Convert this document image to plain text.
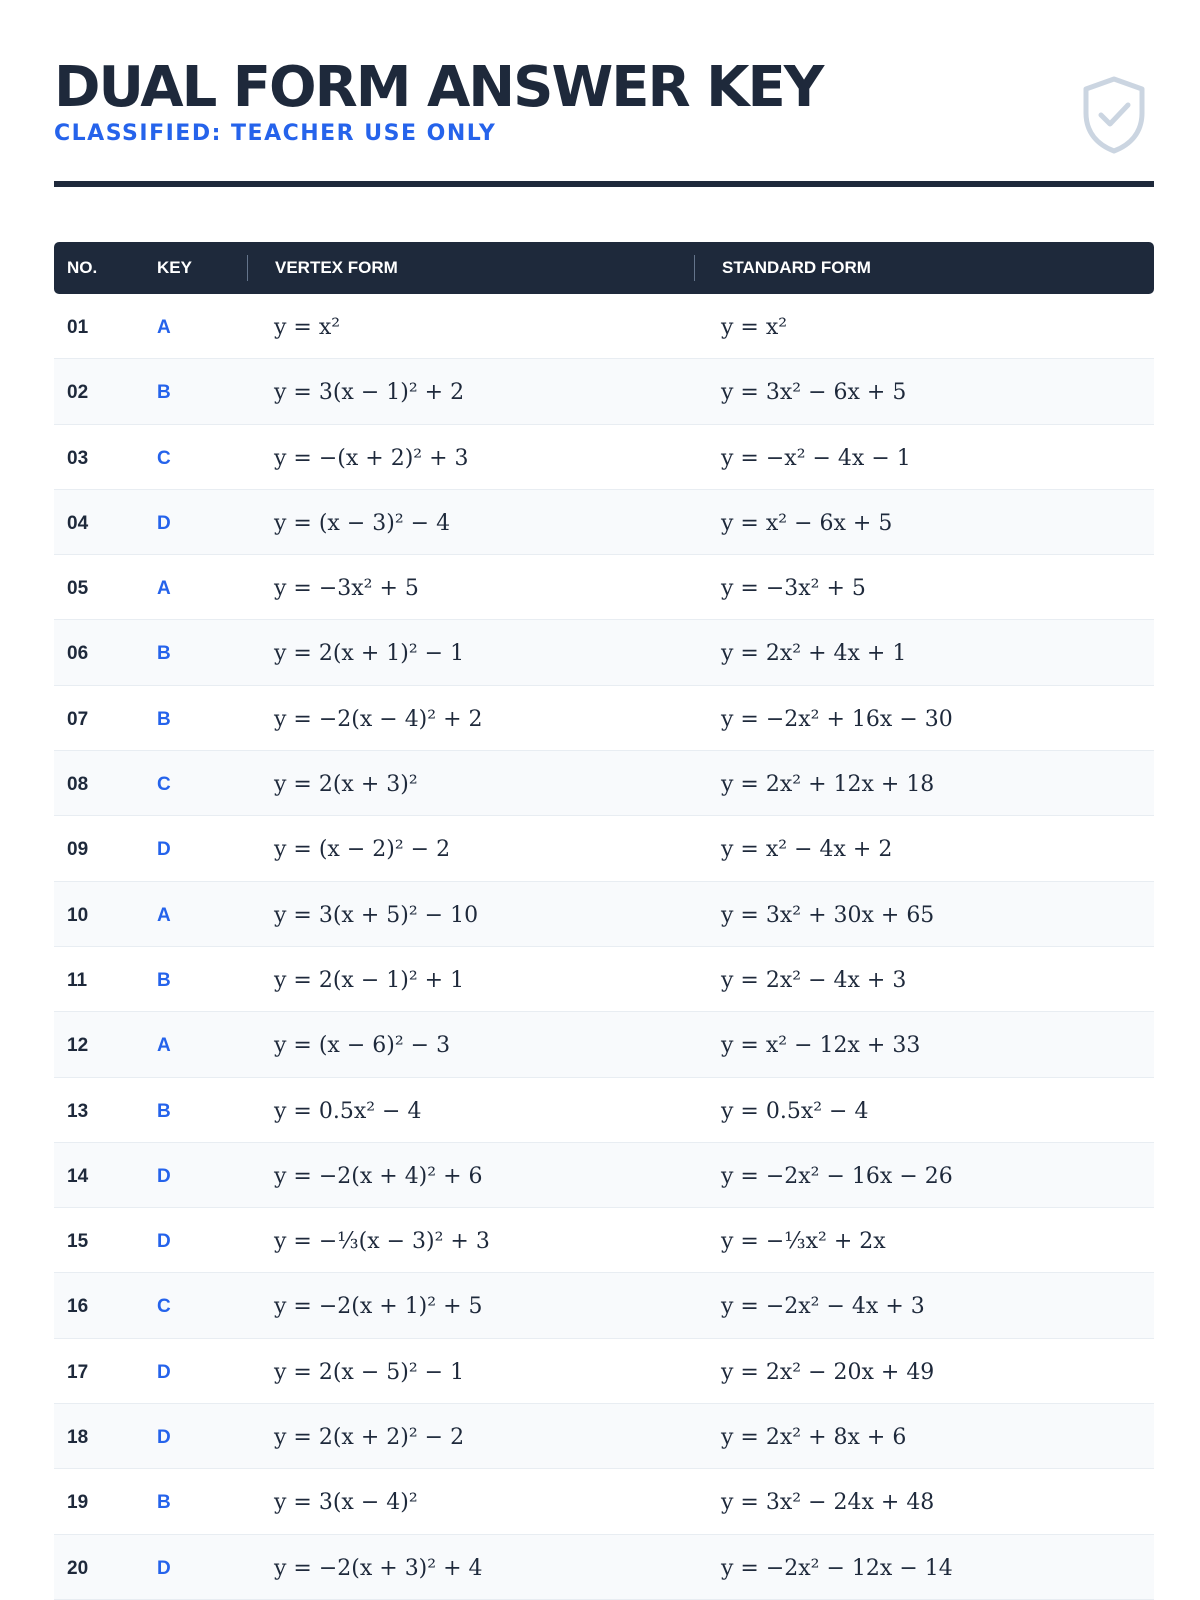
DUAL FORM ANSWER KEY
CLASSIFIED: TEACHER USE ONLY
NO.	KEY	VERTEX FORM	STANDARD FORM
01	A	y = x²	y = x²
02	B	y = 3(x − 1)² + 2	y = 3x² − 6x + 5
03	C	y = −(x + 2)² + 3	y = −x² − 4x − 1
04	D	y = (x − 3)² − 4	y = x² − 6x + 5
05	A	y = −3x² + 5	y = −3x² + 5
06	B	y = 2(x + 1)² − 1	y = 2x² + 4x + 1
07	B	y = −2(x − 4)² + 2	y = −2x² + 16x − 30
08	C	y = 2(x + 3)²	y = 2x² + 12x + 18
09	D	y = (x − 2)² − 2	y = x² − 4x + 2
10	A	y = 3(x + 5)² − 10	y = 3x² + 30x + 65
11	B	y = 2(x − 1)² + 1	y = 2x² − 4x + 3
12	A	y = (x − 6)² − 3	y = x² − 12x + 33
13	B	y = 0.5x² − 4	y = 0.5x² − 4
14	D	y = −2(x + 4)² + 6	y = −2x² − 16x − 26
15	D	y = −⅓(x − 3)² + 3	y = −⅓x² + 2x
16	C	y = −2(x + 1)² + 5	y = −2x² − 4x + 3
17	D	y = 2(x − 5)² − 1	y = 2x² − 20x + 49
18	D	y = 2(x + 2)² − 2	y = 2x² + 8x + 6
19	B	y = 3(x − 4)²	y = 3x² − 24x + 48
20	D	y = −2(x + 3)² + 4	y = −2x² − 12x − 14
